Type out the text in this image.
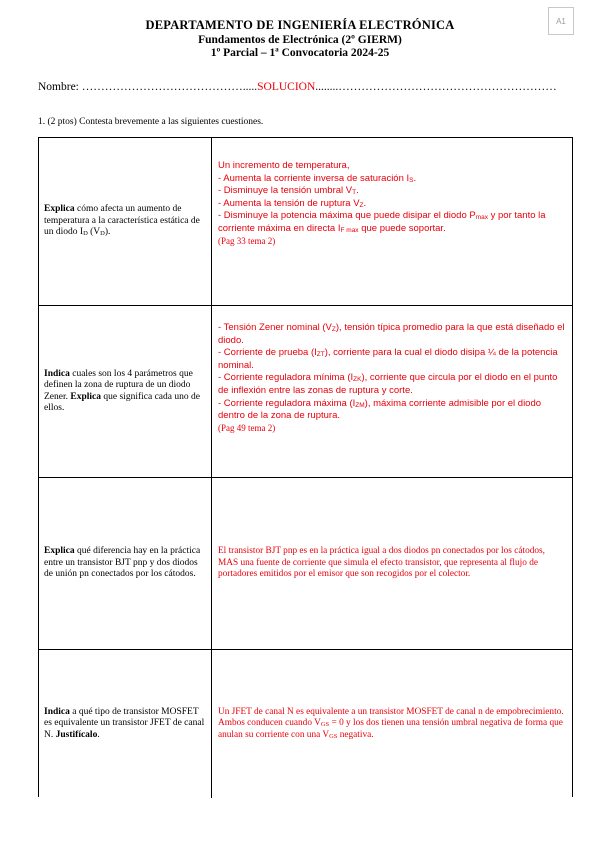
A1
DEPARTAMENTO DE INGENIERÍA ELECTRÓNICA
Fundamentos de Electrónica (2º GIERM)
1º Parcial – 1ª Convocatoria 2024-25
Nombre: …………………………………….....SOLUCIÓN........…………………………………………………
1. (2 ptos) Contesta brevemente a las siguientes cuestiones.
Explica cómo afecta un aumento de temperatura a la característica estática de un diodo $I_D$ $(V_D)$.
Un incremento de temperatura,
- Aumenta la corriente inversa de saturación $I_S$.
- Disminuye la tensión umbral $V_T$.
- Aumenta la tensión de ruptura $V_Z$.
- Disminuye la potencia máxima que puede disipar el diodo $P_{max}$ y por tanto la corriente máxima en directa $I_{F max}$ que puede soportar.
(Pag 33 tema 2)
Indica cuales son los 4 parámetros que definen la zona de ruptura de un diodo Zener. Explica que significa cada uno de ellos.
- Tensión Zener nominal $(V_Z)$, tensión típica promedio para la que está diseñado el diodo.
- Corriente de prueba $(I_{ZT})$, corriente para la cual el diodo disipa ¼ de la potencia nominal.
- Corriente reguladora mínima $(I_{ZK})$, corriente que circula por el diodo en el punto de inflexión entre las zonas de ruptura y corte.
- Corriente reguladora máxima $(I_{ZM})$, máxima corriente admisible por el diodo dentro de la zona de ruptura.
(Pag 49 tema 2)
Explica qué diferencia hay en la práctica entre un transistor BJT pnp y dos diodos de unión pn conectados por los cátodos.
El transistor BJT pnp es en la práctica igual a dos diodos pn conectados por los cátodos, MAS una fuente de corriente que simula el efecto transistor, que representa al flujo de portadores emitidos por el emisor que son recogidos por el colector.
Indica a qué tipo de transistor MOSFET es equivalente un transistor JFET de canal N. Justifícalo.
Un JFET de canal N es equivalente a un transistor MOSFET de canal n de empobrecimiento. Ambos conducen cuando $V_{GS} = 0$ y los dos tienen una tensión umbral negativa de forma que anulan su corriente con una $V_{GS}$ negativa.
